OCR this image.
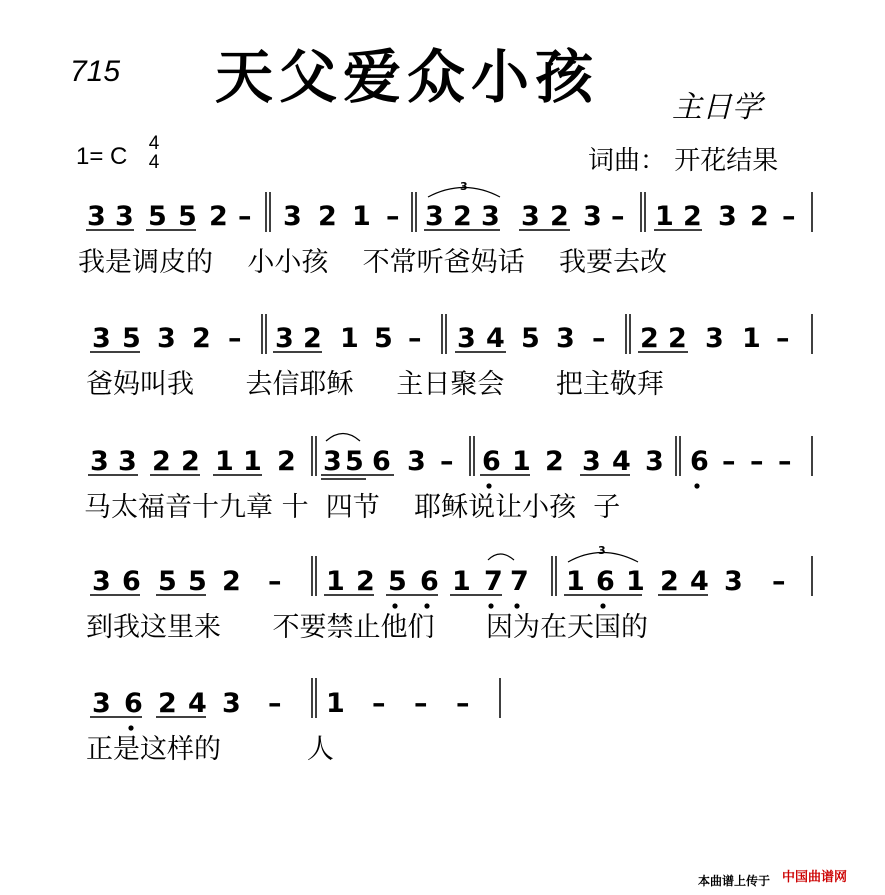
715 天父爱众小孩 主日学
1= C 4
4	词曲： 开花结果
3 3 5 5 2 – 3 2 1 –
3
3 2 3 3 2 3 – 1 2 3 2 –
3 5 3 2 – 3 2 1 5 – 3 4 5 3 – 2 2 3 1 –
3 3 2 2 1 1 2 3 5 6 3 – 6 1 2 3 4 3 6 – – –
3 6 5 5 2 – 1 2 5 6 1 7 7
3
1 6 1 2 4 3 –
3 6 2 4 3 – 1 – – –
我是调皮的    小小孩    不常听爸妈话    我要去改
爸妈叫我      去信耶稣     主日聚会      把主敬拜
马太福音十九章 十  四节    耶稣说让小孩  子
到我这里来      不要禁止他们      因为在天国的
正是这样的          人
本曲谱上传于 中国曲谱网
